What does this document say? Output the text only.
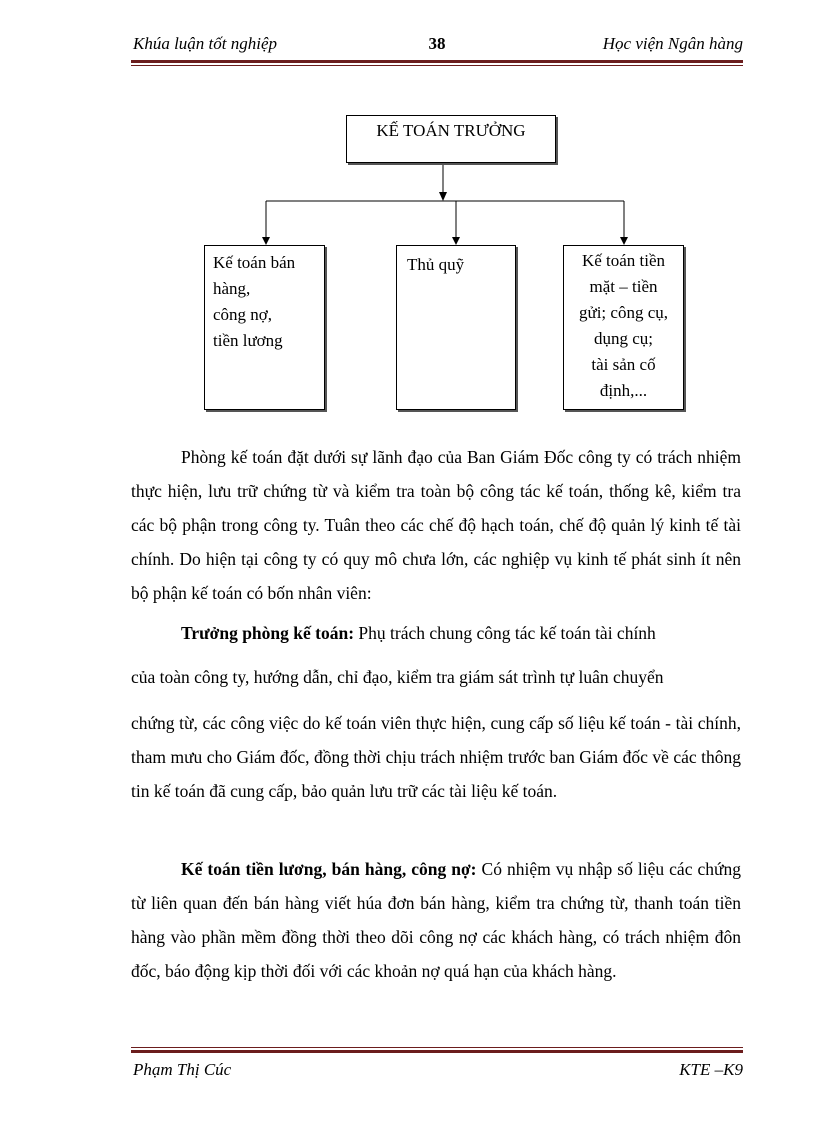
Khúa luận tốt nghiệp	38	Học viện Ngân hàng
KẾ TOÁN TRƯỞNG
Kế toán bán
hàng,
công nợ,
tiền lương
Thủ quỹ	Kế toán tiền
mặt – tiền
gửi; công cụ,
dụng cụ;
tài sản cố
định,...

Phòng kế toán đặt dưới sự lãnh đạo của Ban Giám Đốc công ty có trách nhiệm thực hiện, lưu trữ chứng từ và kiểm tra toàn bộ công tác kế toán, thống kê, kiểm tra các bộ phận trong công ty. Tuân theo các chế độ hạch toán, chế độ quản lý kinh tế tài chính. Do hiện tại công ty có quy mô chưa lớn, các nghiệp vụ kinh tế phát sinh ít nên bộ phận kế toán có bốn nhân viên:

Trưởng phòng kế toán: Phụ trách chung công tác kế toán tài chính
của toàn công ty, hướng dẫn, chỉ đạo, kiểm tra giám sát trình tự luân chuyển

chứng từ, các công việc do kế toán viên thực hiện, cung cấp số liệu kế toán - tài chính, tham mưu cho Giám đốc, đồng thời chịu trách nhiệm trước ban Giám đốc về các thông tin kế toán đã cung cấp, bảo quản lưu trữ các tài liệu kế toán.

Kế toán tiền lương, bán hàng, công nợ: Có nhiệm vụ nhập số liệu các chứng từ liên quan đến bán hàng viết húa đơn bán hàng, kiểm tra chứng từ, thanh toán tiền hàng vào phần mềm đồng thời theo dõi công nợ các khách hàng, có trách nhiệm đôn đốc, báo động kịp thời đối với các khoản nợ quá hạn của khách hàng.

Phạm Thị Cúc	KTE –K9
